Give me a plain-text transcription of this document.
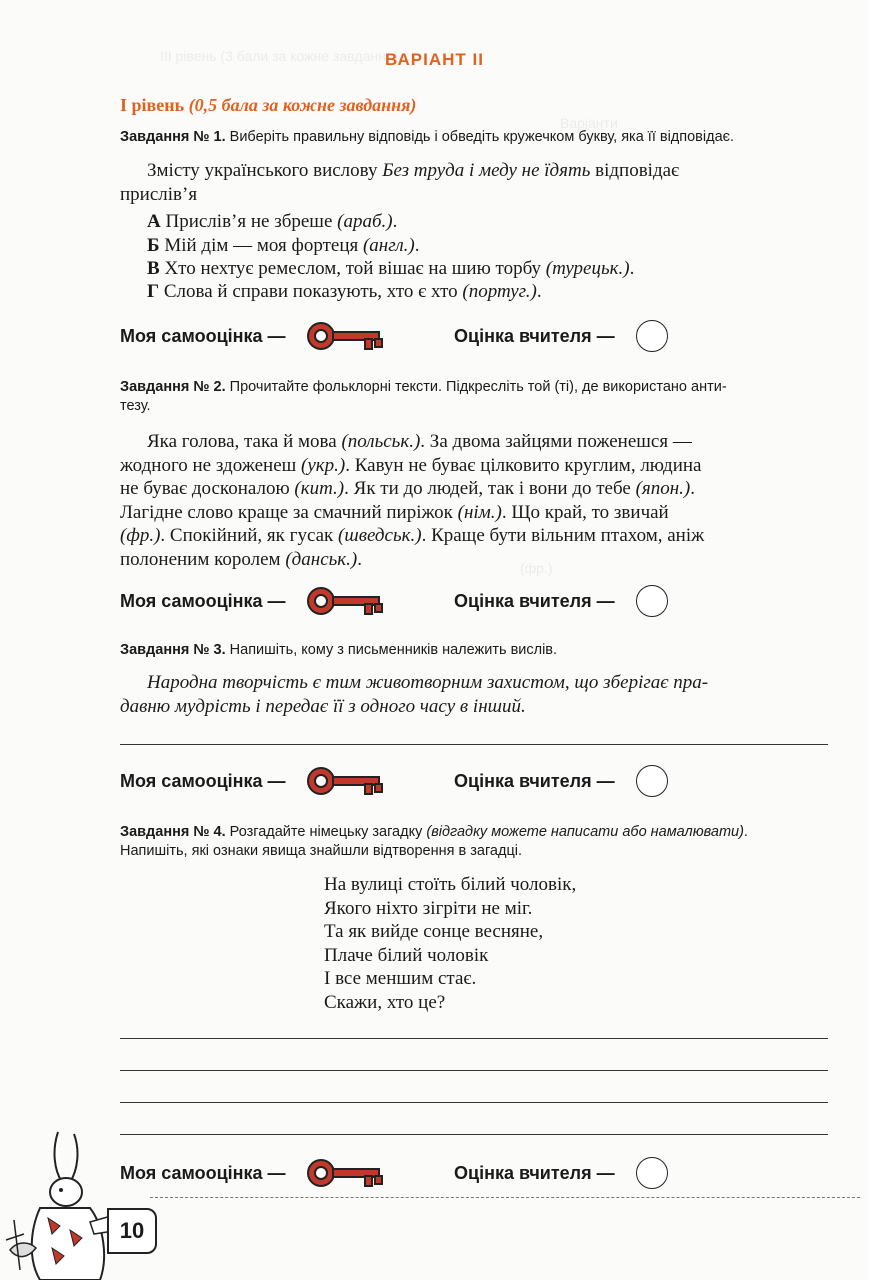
ІІІ рівень (3 бали за кожне завдання)
Варіанти
(фр.)
ВАРІАНТ ІІ
І рівень (0,5 бала за кожне завдання)
Завдання № 1. Виберіть правильну відповідь і обведіть кружечком букву, яка її відповідає.
Змісту українського вислову Без труда і меду не їдять відповідає
прислів’я
А Прислів’я не збреше (араб.).
Б Мій дім — моя фортеця (англ.).
В Хто нехтує ремеслом, той вішає на шию торбу (турецьк.).
Г Слова й справи показують, хто є хто (португ.).
Моя самооцінка —	Оцінка вчителя —
Завдання № 2. Прочитайте фольклорні тексти. Підкресліть той (ті), де використано анти-
тезу.
Яка голова, така й мова (польськ.). За двома зайцями поженешся —
жодного не здоженеш (укр.). Кавун не буває цілковито круглим, людина
не буває досконалою (кит.). Як ти до людей, так і вони до тебе (япон.).
Лагідне слово краще за смачний пиріжок (нім.). Що край, то звичай
(фр.). Спокійний, як гусак (шведськ.). Краще бути вільним птахом, аніж
полоненим королем (данськ.).
Моя самооцінка —	Оцінка вчителя —
Завдання № 3. Напишіть, кому з письменників належить вислів.
Народна творчість є тим животворним захистом, що зберігає пра-
давню мудрість і передає її з одного часу в інший.
Моя самооцінка —	Оцінка вчителя —
Завдання № 4. Розгадайте німецьку загадку (відгадку можете написати або намалювати).
Напишіть, які ознаки явища знайшли відтворення в загадці.
На вулиці стоїть білий чоловік,
Якого ніхто зігріти не міг.
Та як вийде сонце весняне,
Плаче білий чоловік
І все меншим стає.
Скажи, хто це?
Моя самооцінка —	Оцінка вчителя —
10
